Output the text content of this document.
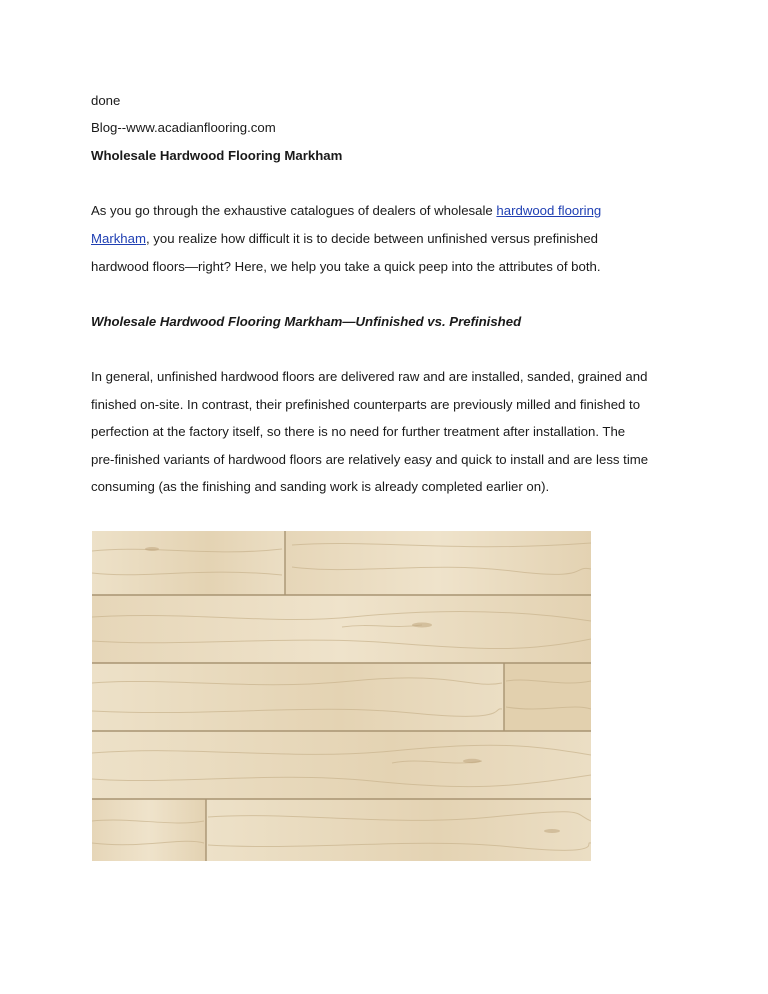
done

Blog--www.acadianflooring.com

Wholesale Hardwood Flooring Markham

As you go through the exhaustive catalogues of dealers of wholesale hardwood flooring

Markham, you realize how difficult it is to decide between unfinished versus prefinished

hardwood floors—right? Here, we help you take a quick peep into the attributes of both.

Wholesale Hardwood Flooring Markham—Unfinished vs. Prefinished

In general, unfinished hardwood floors are delivered raw and are installed, sanded, grained and

finished on-site. In contrast, their prefinished counterparts are previously milled and finished to

perfection at the factory itself, so there is no need for further treatment after installation. The

pre-finished variants of hardwood floors are relatively easy and quick to install and are less time

consuming (as the finishing and sanding work is already completed earlier on).
